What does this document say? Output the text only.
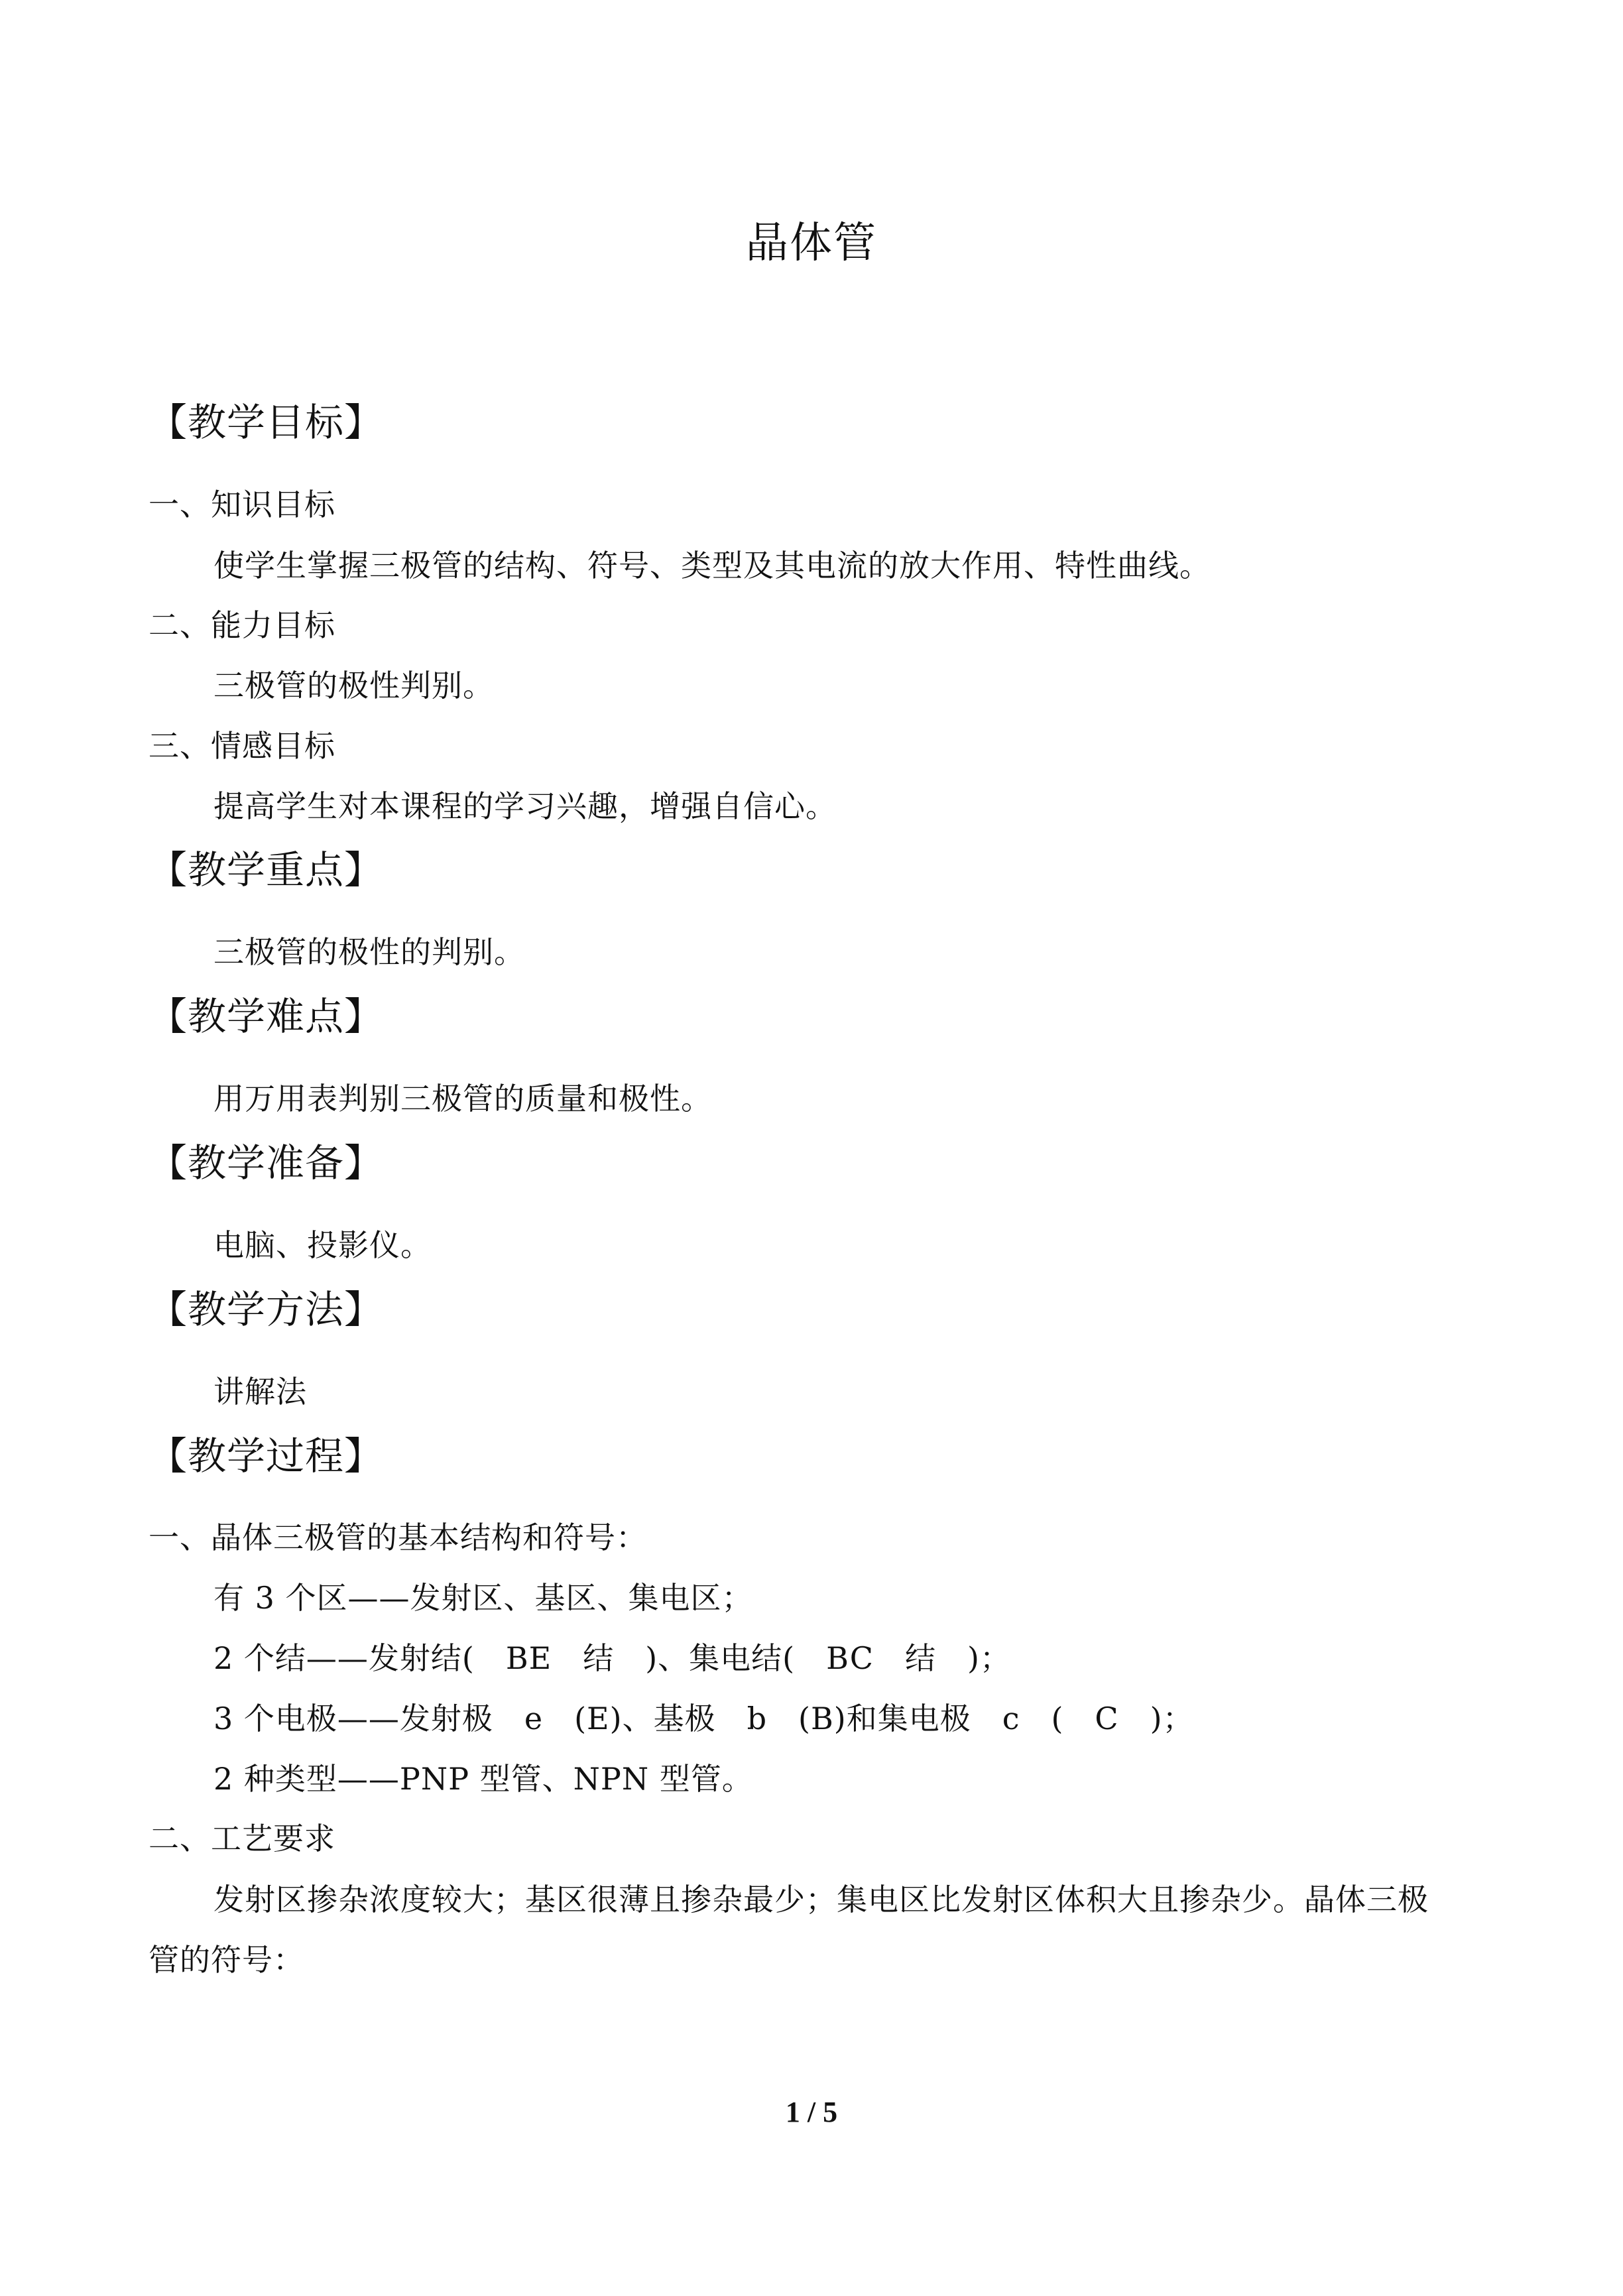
晶体管
【教学目标】
一、知识目标
使学生掌握三极管的结构、符号、类型及其电流的放大作用、特性曲线。
二、能力目标
三极管的极性判别。
三、情感目标
提高学生对本课程的学习兴趣，增强自信心。
【教学重点】
三极管的极性的判别。
【教学难点】
用万用表判别三极管的质量和极性。
【教学准备】
电脑、投影仪。
【教学方法】
讲解法
【教学过程】
一、晶体三极管的基本结构和符号：
有 3 个区——发射区、基区、集电区；
2 个结——发射结(　BE　结　)、集电结(　BC　结　)；
3 个电极——发射极　e　(E)、基极　b　(B)和集电极　c　(　C　)；
2 种类型——PNP 型管、NPN 型管。
二、工艺要求
发射区掺杂浓度较大；基区很薄且掺杂最少；集电区比发射区体积大且掺杂少。晶体三极
管的符号：
1 / 5
